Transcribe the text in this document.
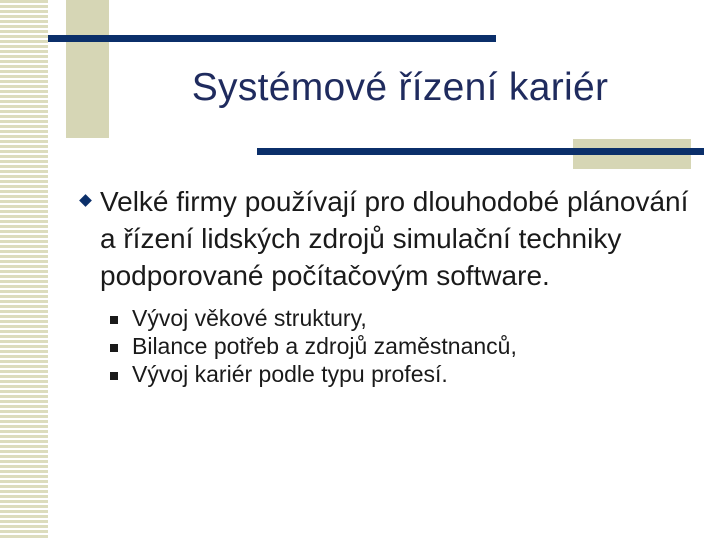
Systémové řízení kariér
Velké firmy používají pro dlouhodobé plánování a řízení lidských zdrojů simulační techniky podporované počítačovým software.
Vývoj věkové struktury,
Bilance potřeb a zdrojů zaměstnanců,
Vývoj kariér podle typu profesí.
